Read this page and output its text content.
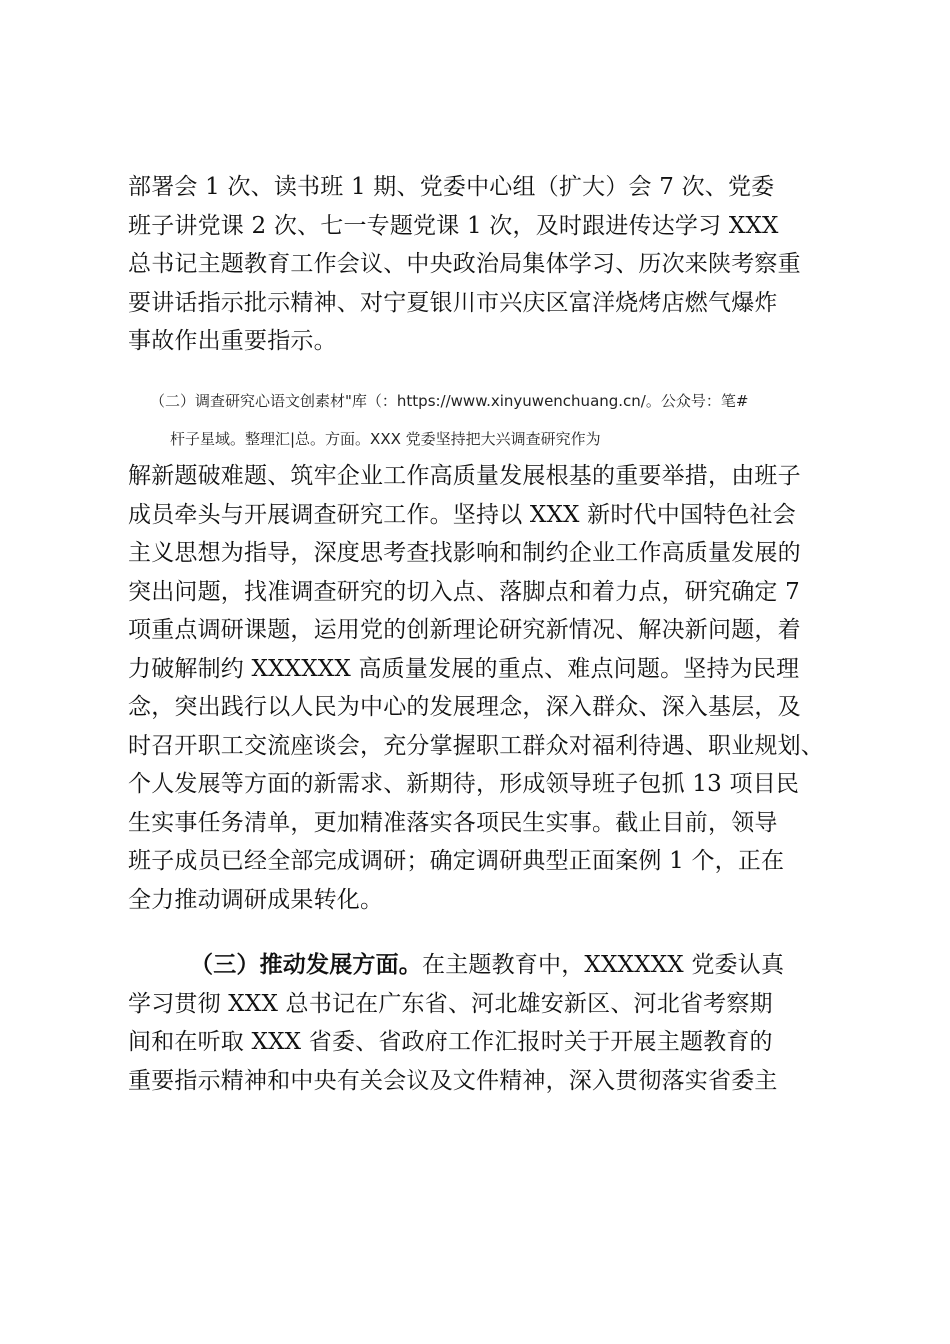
部署会 1 次、读书班 1 期、党委中心组（扩大）会 7 次、党委
班子讲党课 2 次、七一专题党课 1 次，及时跟进传达学习 XXX
总书记主题教育工作会议、中央政治局集体学习、历次来陕考察重
要讲话指示批示精神、对宁夏银川市兴庆区富洋烧烤店燃气爆炸
事故作出重要指示。
（二）调查研究心语文创素材"库（：https://www.xinyuwenchuang.cn/。公众号：笔#
杆子星域。整理汇|总。方面。XXX 党委坚持把大兴调查研究作为
解新题破难题、筑牢企业工作高质量发展根基的重要举措，由班子
成员牵头与开展调查研究工作。坚持以 XXX 新时代中国特色社会
主义思想为指导，深度思考查找影响和制约企业工作高质量发展的
突出问题，找准调查研究的切入点、落脚点和着力点，研究确定 7
项重点调研课题，运用党的创新理论研究新情况、解决新问题，着
力破解制约 XXXXXX 高质量发展的重点、难点问题。坚持为民理
念，突出践行以人民为中心的发展理念，深入群众、深入基层，及
时召开职工交流座谈会，充分掌握职工群众对福利待遇、职业规划、
个人发展等方面的新需求、新期待，形成领导班子包抓 13 项目民
生实事任务清单，更加精准落实各项民生实事。截止目前，领导
班子成员已经全部完成调研；确定调研典型正面案例 1 个，正在
全力推动调研成果转化。
（三）推动发展方面。在主题教育中，XXXXXX 党委认真
学习贯彻 XXX 总书记在广东省、河北雄安新区、河北省考察期
间和在听取 XXX 省委、省政府工作汇报时关于开展主题教育的
重要指示精神和中央有关会议及文件精神，深入贯彻落实省委主
